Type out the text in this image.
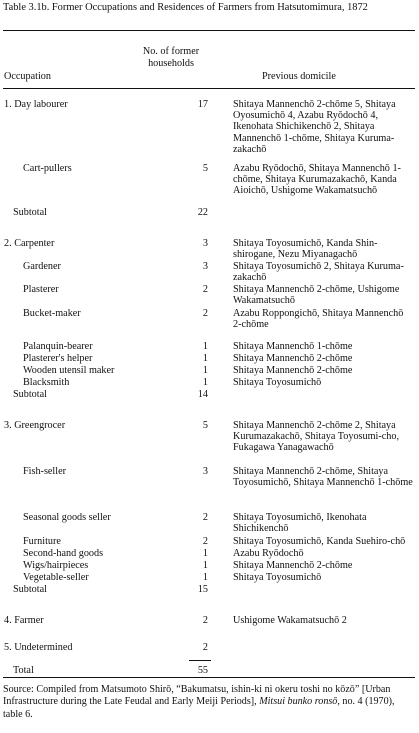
Table 3.1b. Former Occupations and Residences of Farmers from Hatsutomimura, 1872
Occupation
No. of former households
Previous domicile
1. Day labourer	17 Shitaya Mannenchō 2-chōme 5, Shitaya Oyosumichō 4, Azabu Ryōdochō 4, Ikenohata Shichikenchō 2, Shitaya Mannenchō 1-chōme, Shitaya Kuruma-zakachō
Cart-pullers	5 Azabu Ryōdochō, Shitaya Mannenchō 1-chōme, Shitaya Kurumazakachō, Kanda Aioichō, Ushigome Wakamatsuchō
Subtotal	22
2. Carpenter	3 Shitaya Toyosumichō, Kanda Shin-shirogane, Nezu Miyanagachō
Gardener	3 Shitaya Toyosumichō 2, Shitaya Kuruma-zakachō
Plasterer	2 Shitaya Mannenchō 2-chōme, Ushigome Wakamatsuchō
Bucket-maker	2 Azabu Roppongichō, Shitaya Mannenchō 2-chōme
Palanquin-bearer	1 Shitaya Mannenchō 1-chōme
Plasterer's helper	1 Shitaya Mannenchō 2-chōme
Wooden utensil maker	1 Shitaya Mannenchō 2-chōme
Blacksmith	1 Shitaya Toyosumichō
Subtotal	14
3. Greengrocer	5 Shitaya Mannenchō 2-chōme 2, Shitaya Kurumazakachō, Shitaya Toyosumi-cho, Fukagawa Yanagawachō
Fish-seller	3 Shitaya Mannenchō 2-chōme, Shitaya Toyosumichō, Shitaya Mannenchō 1-chōme
Seasonal goods seller	2 Shitaya Toyosumichō, Ikenohata Shichikenchō
Furniture	2 Shitaya Toyosumichō, Kanda Suehiro-chō
Second-hand goods	1 Azabu Ryōdochō
Wigs/hairpieces	1 Shitaya Mannenchō 2-chōme
Vegetable-seller	1 Shitaya Toyosumichō
Subtotal	15
4. Farmer	2 Ushigome Wakamatsuchō 2
5. Undetermined	2
Total	55
Source: Compiled from Matsumoto Shirō, “Bakumatsu, ishin-ki ni okeru toshi no kōzō” [Urban Infrastructure during the Late Feudal and Early Meiji Periods], Mitsui bunko ronsō, no. 4 (1970), table 6.
